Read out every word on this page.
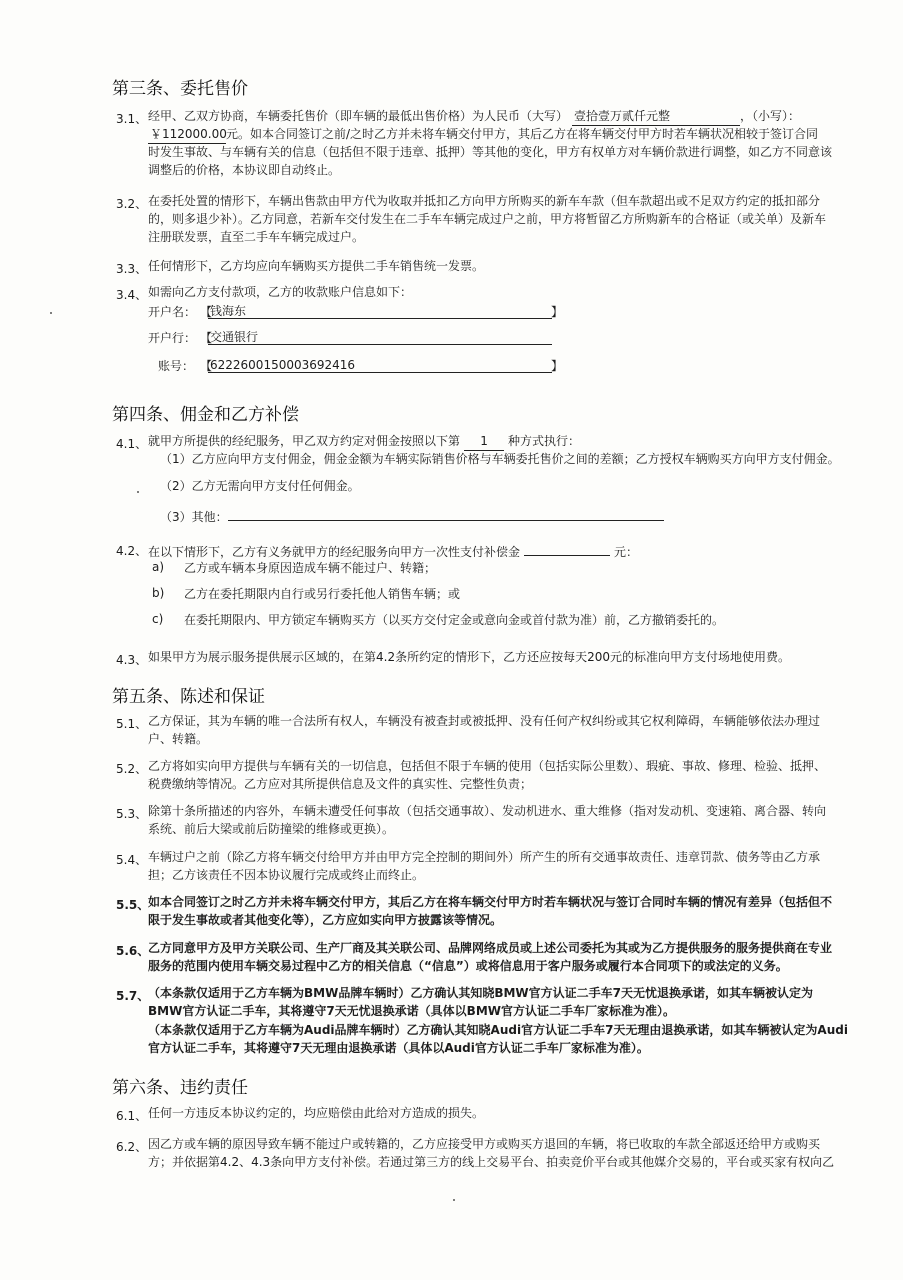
第三条、委托售价
3.1、 经甲、乙双方协商，车辆委托售价（即车辆的最低出售价格）为人民币（大写） 壹拾壹万贰仟元整	，（小写）：
￥112000.00元。如本合同签订之前/之时乙方并未将车辆交付甲方，其后乙方在将车辆交付甲方时若车辆状况相较于签订合同
时发生事故、与车辆有关的信息（包括但不限于违章、抵押）等其他的变化，甲方有权单方对车辆价款进行调整，如乙方不同意该
调整后的价格，本协议即自动终止。
3.2、 在委托处置的情形下，车辆出售款由甲方代为收取并抵扣乙方向甲方所购买的新车车款（但车款超出或不足双方约定的抵扣部分
的，则多退少补）。乙方同意，若新车交付发生在二手车车辆完成过户之前，甲方将暂留乙方所购新车的合格证（或关单）及新车
注册联发票，直至二手车车辆完成过户。
3.3、 任何情形下，乙方均应向车辆购买方提供二手车销售统一发票。
3.4、 如需向乙方支付款项，乙方的收款账户信息如下：
开户名： 【
钱海东	】
开户行： 【
交通银行
账号： 【
6222600150003692416	】
第四条、佣金和乙方补偿
4.1、 就甲方所提供的经纪服务，甲乙双方约定对佣金按照以下第 1 种方式执行：
（1）乙方应向甲方支付佣金，佣金金额为车辆实际销售价格与车辆委托售价之间的差额；乙方授权车辆购买方向甲方支付佣金。
（2）乙方无需向甲方支付任何佣金。
（3）其他：
4.2、 在以下情形下，乙方有义务就甲方的经纪服务向甲方一次性支付补偿金	元：
a) 乙方或车辆本身原因造成车辆不能过户、转籍；
b) 乙方在委托期限内自行或另行委托他人销售车辆；或
c) 在委托期限内、甲方锁定车辆购买方（以买方交付定金或意向金或首付款为准）前，乙方撤销委托的。
4.3、 如果甲方为展示服务提供展示区域的，在第4.2条所约定的情形下，乙方还应按每天200元的标准向甲方支付场地使用费。
第五条、陈述和保证
5.1、 乙方保证，其为车辆的唯一合法所有权人，车辆没有被查封或被抵押、没有任何产权纠纷或其它权利障碍，车辆能够依法办理过
户、转籍。
5.2、 乙方将如实向甲方提供与车辆有关的一切信息，包括但不限于车辆的使用（包括实际公里数）、瑕疵、事故、修理、检验、抵押、
税费缴纳等情况。乙方应对其所提供信息及文件的真实性、完整性负责；
5.3、 除第十条所描述的内容外，车辆未遭受任何事故（包括交通事故）、发动机进水、重大维修（指对发动机、变速箱、离合器、转向
系统、前后大梁或前后防撞梁的维修或更换）。
5.4、 车辆过户之前（除乙方将车辆交付给甲方并由甲方完全控制的期间外）所产生的所有交通事故责任、违章罚款、债务等由乙方承
担；乙方该责任不因本协议履行完成或终止而终止。
5.5、
如本合同签订之时乙方并未将车辆交付甲方，其后乙方在将车辆交付甲方时若车辆状况与签订合同时车辆的情况有差异（包括但不
限于发生事故或者其他变化等），乙方应如实向甲方披露该等情况。
5.6、
乙方同意甲方及甲方关联公司、生产厂商及其关联公司、品牌网络成员或上述公司委托为其或为乙方提供服务的服务提供商在专业
服务的范围内使用车辆交易过程中乙方的相关信息（“信息”）或将信息用于客户服务或履行本合同项下的或法定的义务。
5.7、
（本条款仅适用于乙方车辆为BMW品牌车辆时）乙方确认其知晓BMW官方认证二手车7天无忧退换承诺，如其车辆被认定为
BMW官方认证二手车，其将遵守7天无忧退换承诺（具体以BMW官方认证二手车厂家标准为准）。
（本条款仅适用于乙方车辆为Audi品牌车辆时）乙方确认其知晓Audi官方认证二手车7天无理由退换承诺，如其车辆被认定为Audi
官方认证二手车，其将遵守7天无理由退换承诺（具体以Audi官方认证二手车厂家标准为准）。
第六条、违约责任
6.1、 任何一方违反本协议约定的，均应赔偿由此给对方造成的损失。
6.2、 因乙方或车辆的原因导致车辆不能过户或转籍的，乙方应接受甲方或购买方退回的车辆，将已收取的车款全部返还给甲方或购买
方；并依据第4.2、4.3条向甲方支付补偿。若通过第三方的线上交易平台、拍卖竞价平台或其他媒介交易的，平台或买家有权向乙
